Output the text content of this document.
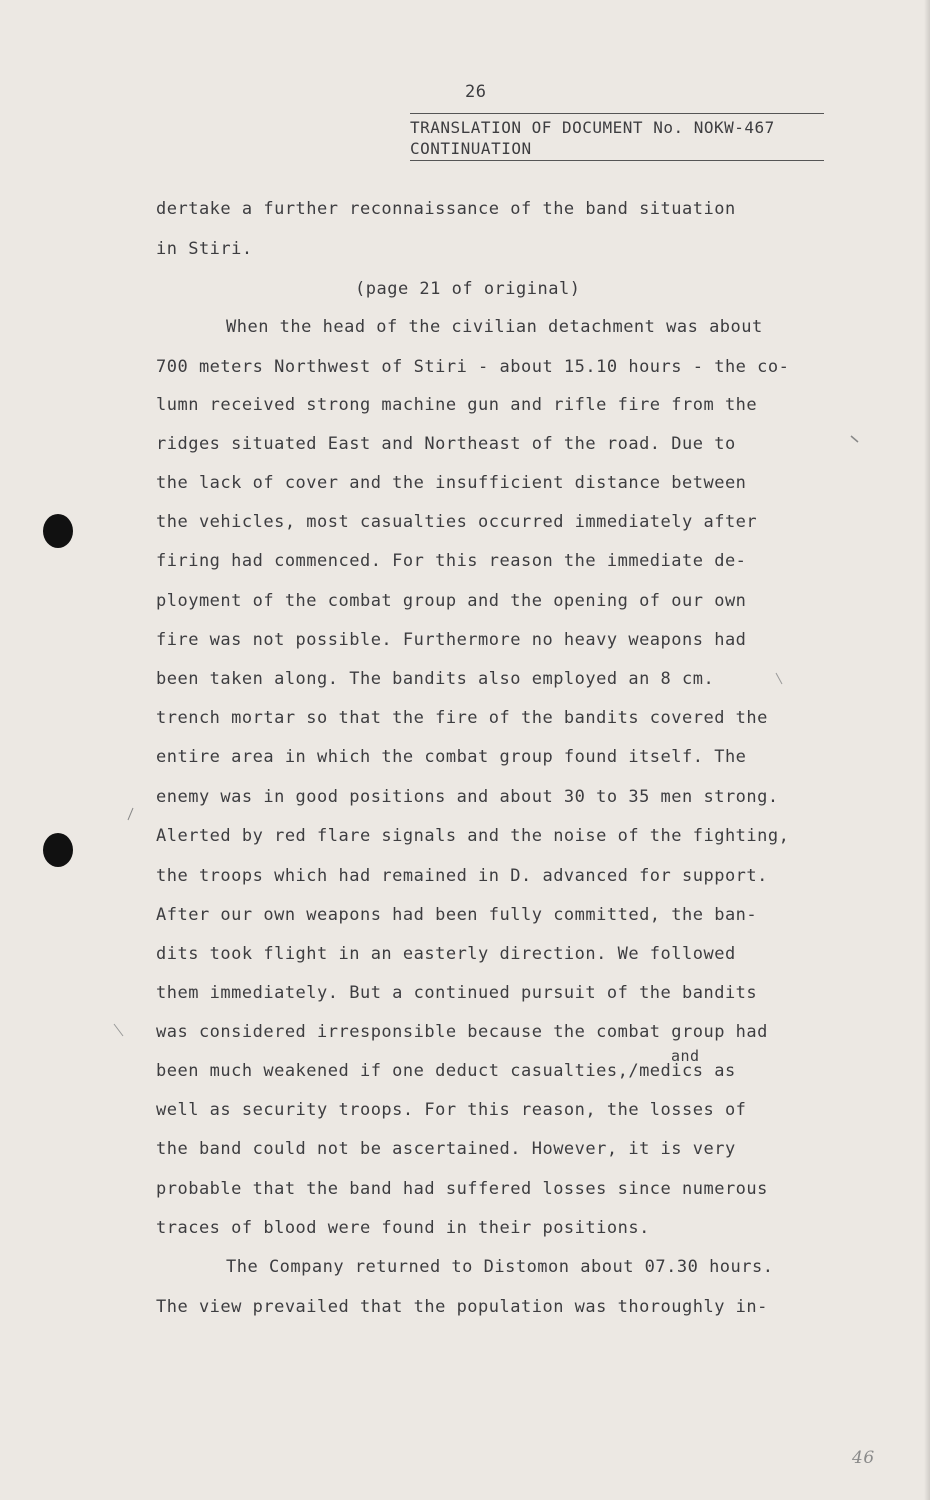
26
TRANSLATION OF DOCUMENT No. NOKW-467
CONTINUATION
dertake a further reconnaissance of the band situation
in Stiri.
(page 21 of original)
When the head of the civilian detachment was about
700 meters Northwest of Stiri - about 15.10 hours - the co-
lumn received strong machine gun and rifle fire from the
ridges situated East and Northeast of the road. Due to
the lack of cover and the insufficient distance between
the vehicles, most casualties occurred immediately after
firing had commenced. For this reason the immediate de-
ployment of the combat group and the opening of our own
fire was not possible. Furthermore no heavy weapons had
been taken along. The bandits also employed an 8 cm.
trench mortar so that the fire of the bandits covered the
entire area in which the combat group found itself. The
enemy was in good positions and about 30 to 35 men strong.
Alerted by red flare signals and the noise of the fighting,
the troops which had remained in D. advanced for support.
After our own weapons had been fully committed, the ban-
dits took flight in an easterly direction. We followed
them immediately. But a continued pursuit of the bandits
was considered irresponsible because the combat group had
and
been much weakened if one deduct casualties,/medics as
well as security troops. For this reason, the losses of
the band could not be ascertained. However, it is very
probable that the band had suffered losses since numerous
traces of blood were found in their positions.
The Company returned to Distomon about 07.30 hours.
The view prevailed that the population was thoroughly in-
46
